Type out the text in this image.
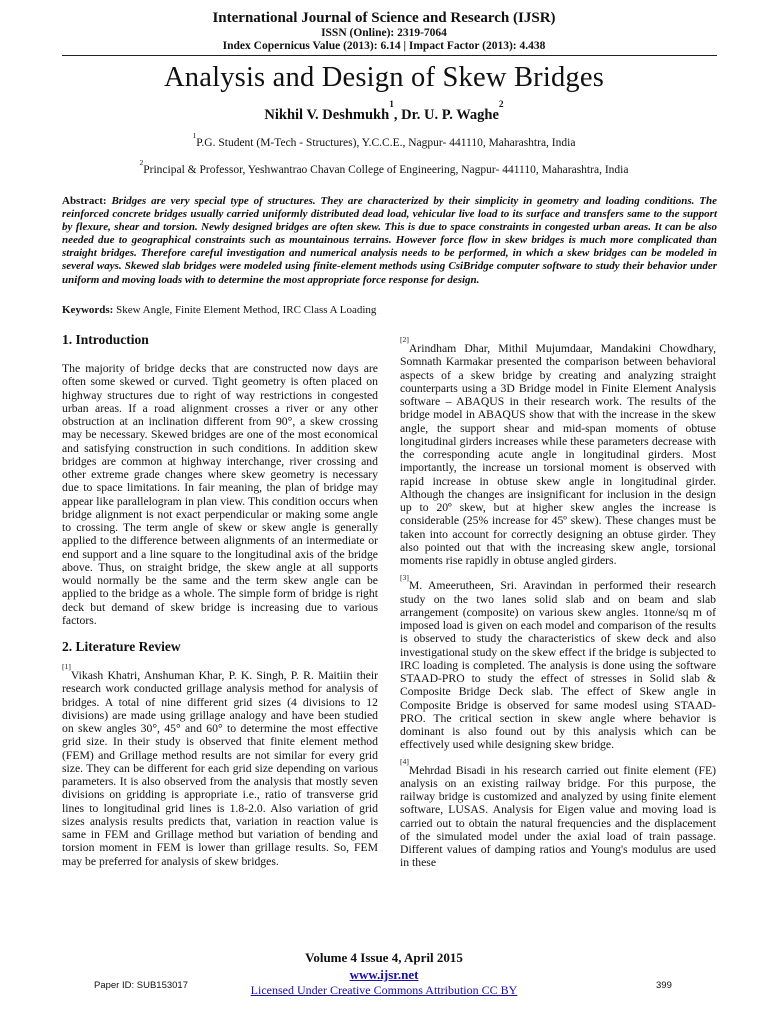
International Journal of Science and Research (IJSR)
ISSN (Online): 2319-7064
Index Copernicus Value (2013): 6.14 | Impact Factor (2013): 4.438
Analysis and Design of Skew Bridges
Nikhil V. Deshmukh$^1$, Dr. U. P. Waghe$^2$
$^1$P.G. Student (M-Tech - Structures), Y.C.C.E., Nagpur- 441110, Maharashtra, India
$^2$Principal & Professor, Yeshwantrao Chavan College of Engineering, Nagpur- 441110, Maharashtra, India
Abstract: Bridges are very special type of structures. They are characterized by their simplicity in geometry and loading conditions. The reinforced concrete bridges usually carried uniformly distributed dead load, vehicular live load to its surface and transfers same to the support by flexure, shear and torsion. Newly designed bridges are often skew. This is due to space constraints in congested urban areas. It can be also needed due to geographical constraints such as mountainous terrains. However force flow in skew bridges is much more complicated than straight bridges. Therefore careful investigation and numerical analysis needs to be performed, in which a skew bridges can be modeled in several ways. Skewed slab bridges were modeled using finite-element methods using CsiBridge computer software to study their behavior under uniform and moving loads with to determine the most appropriate force response for design.
Keywords: Skew Angle, Finite Element Method, IRC Class A Loading
1. Introduction

The majority of bridge decks that are constructed now days are often some skewed or curved. Tight geometry is often placed on highway structures due to right of way restrictions in congested urban areas. If a road alignment crosses a river or any other obstruction at an inclination different from 90°, a skew crossing may be necessary. Skewed bridges are one of the most economical and satisfying construction in such conditions. In addition skew bridges are common at highway interchange, river crossing and other extreme grade changes where skew geometry is necessary due to space limitations. In fair meaning, the plan of bridge may appear like parallelogram in plan view. This condition occurs when bridge alignment is not exact perpendicular or making some angle to crossing. The term angle of skew or skew angle is generally applied to the difference between alignments of an intermediate or end support and a line square to the longitudinal axis of the bridge above. Thus, on straight bridge, the skew angle at all supports would normally be the same and the term skew angle can be applied to the bridge as a whole. The simple form of bridge is right deck but demand of skew bridge is increasing due to various factors.

2. Literature Review

[1]Vikash Khatri, Anshuman Khar, P. K. Singh, P. R. Maitiin their research work conducted grillage analysis method for analysis of bridges. A total of nine different grid sizes (4 divisions to 12 divisions) are made using grillage analogy and have been studied on skew angles 30°, 45° and 60° to determine the most effective grid size. In their study is observed that finite element method (FEM) and Grillage method results are not similar for every grid size. They can be different for each grid size depending on various parameters. It is also observed from the analysis that mostly seven divisions on gridding is appropriate i.e., ratio of transverse grid lines to longitudinal grid lines is 1.8-2.0. Also variation of grid sizes analysis results predicts that, variation in reaction value is same in FEM and Grillage method but variation of bending and torsion moment in FEM is lower than grillage results. So, FEM may be preferred for analysis of skew bridges.

[2]Arindham Dhar, Mithil Mujumdaar, Mandakini Chowdhary, Somnath Karmakar presented the comparison between behavioral aspects of a skew bridge by creating and analyzing straight counterparts using a 3D Bridge model in Finite Element Analysis software – ABAQUS in their research work. The results of the bridge model in ABAQUS show that with the increase in the skew angle, the support shear and mid-span moments of obtuse longitudinal girders increases while these parameters decrease with the corresponding acute angle in longitudinal girders. Most importantly, the increase un torsional moment is observed with rapid increase in obtuse skew angle in longitudinal girder. Although the changes are insignificant for inclusion in the design up to 20º skew, but at higher skew angles the increase is considerable (25% increase for 45º skew). These changes must be taken into account for correctly designing an obtuse girder. They also pointed out that with the increasing skew angle, torsional moments rise rapidly in obtuse angled girders.

[3]M. Ameerutheen, Sri. Aravindan in performed their research study on the two lanes solid slab and on beam and slab arrangement (composite) on various skew angles. 1tonne/sq m of imposed load is given on each model and comparison of the results is observed to study the characteristics of skew deck and also investigational study on the skew effect if the bridge is subjected to IRC loading is completed. The analysis is done using the software STAAD-PRO to study the effect of stresses in Solid slab & Composite Bridge Deck slab. The effect of Skew angle in Composite Bridge is observed for same modesl using STAAD-PRO. The critical section in skew angle where behavior is dominant is also found out by this analysis which can be effectively used while designing skew bridge.

[4]Mehrdad Bisadi in his research carried out finite element (FE) analysis on an existing railway bridge. For this purpose, the railway bridge is customized and analyzed by using finite element software, LUSAS. Analysis for Eigen value and moving load is carried out to obtain the natural frequencies and the displacement of the simulated model under the axial load of train passage. Different values of damping ratios and Young's modulus are used in these

Volume 4 Issue 4, April 2015
www.ijsr.net
Licensed Under Creative Commons Attribution CC BY
Paper ID: SUB153017	399
